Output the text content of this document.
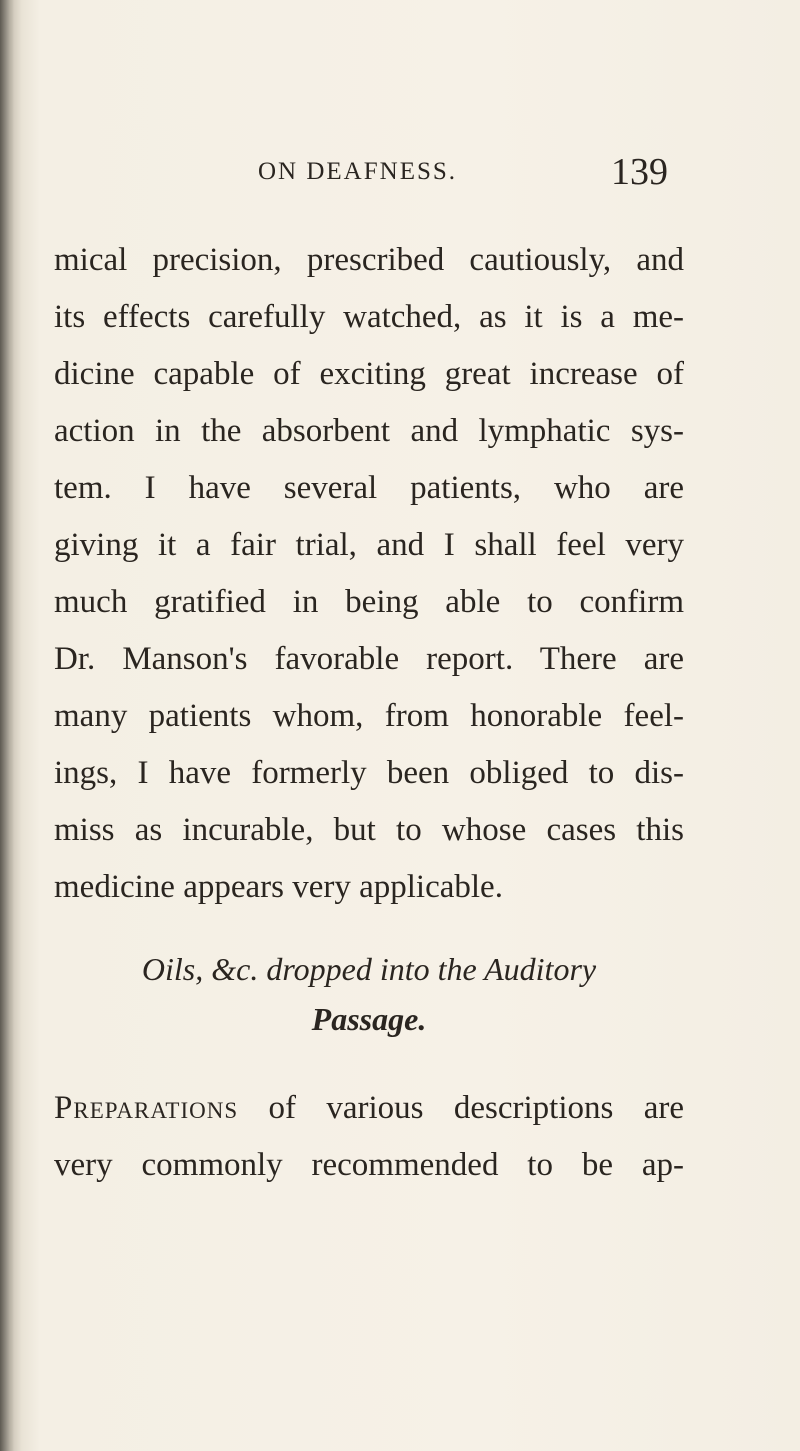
ON DEAFNESS.	139
mical precision, prescribed cautiously, and
its effects carefully watched, as it is a me-
dicine capable of exciting great increase of
action in the absorbent and lymphatic sys-
tem. I have several patients, who are
giving it a fair trial, and I shall feel very
much gratified in being able to confirm
Dr. Manson's favorable report. There are
many patients whom, from honorable feel-
ings, I have formerly been obliged to dis-
miss as incurable, but to whose cases this
medicine appears very applicable.
Oils, &c. dropped into the Auditory
Passage.
Preparations of various descriptions are
very commonly recommended to be ap-
